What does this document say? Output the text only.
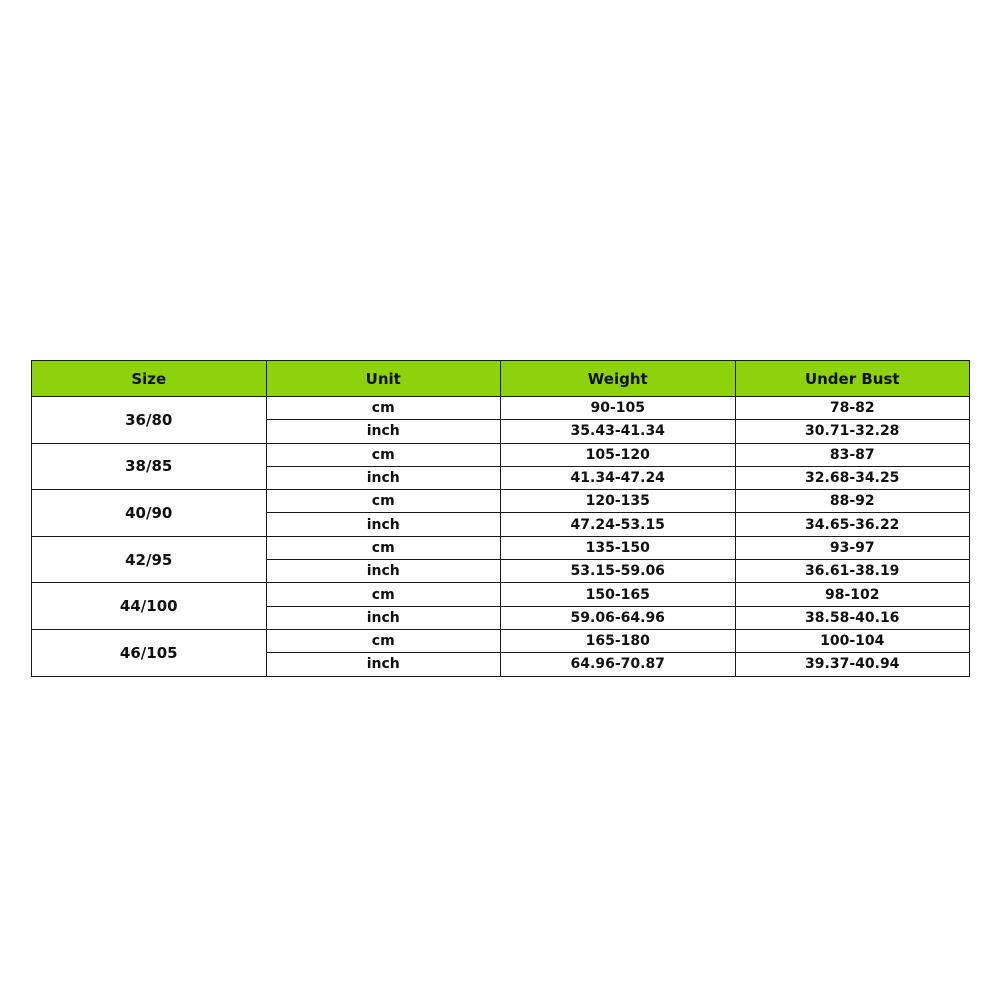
Size	Unit	Weight	Under Bust
36/80	cm	90-105	78-82
	inch	35.43-41.34	30.71-32.28
38/85	cm	105-120	83-87
	inch	41.34-47.24	32.68-34.25
40/90	cm	120-135	88-92
	inch	47.24-53.15	34.65-36.22
42/95	cm	135-150	93-97
	inch	53.15-59.06	36.61-38.19
44/100	cm	150-165	98-102
	inch	59.06-64.96	38.58-40.16
46/105	cm	165-180	100-104
	inch	64.96-70.87	39.37-40.94
